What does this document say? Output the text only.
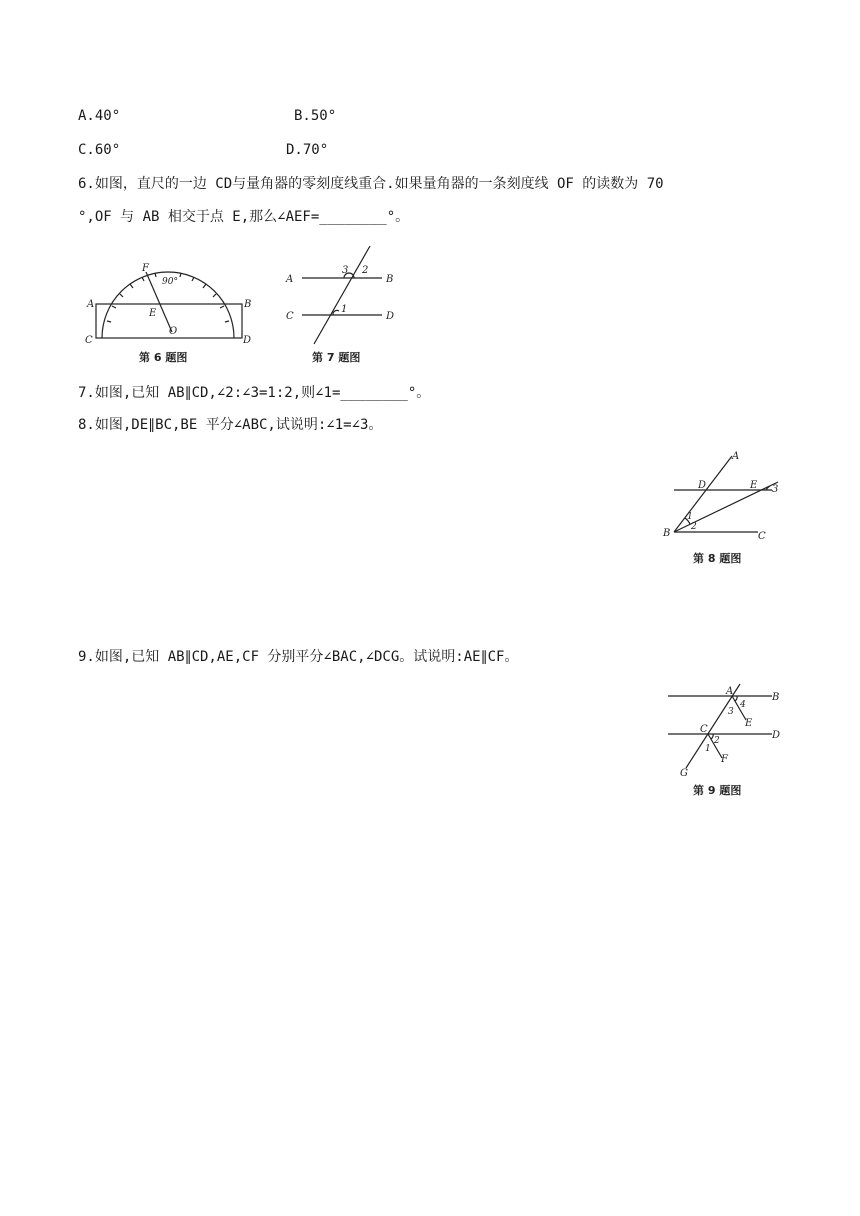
A.40°	B.50°
C.60°	D.70°
6.如图，直尺的一边 CD与量角器的零刻度线重合.如果量角器的一条刻度线 OF 的读数为 70
°,OF 与 AB 相交于点 E,那么∠AEF=________°。
F
90°
A	B
E
O
C	D
第 6 题图
A	B
C	D
3 2
1
第 7 题图
7.如图,已知 AB∥CD,∠2:∠3=1:2,则∠1=________°。
8.如图,DE∥BC,BE 平分∠ABC,试说明:∠1=∠3。
A
D	E 3
1
2
B	C
第 8 题图
9.如图,已知 AB∥CD,AE,CF 分别平分∠BAC,∠DCG。试说明:AE∥CF。
A
B
4
3
E
C
D
2
1
F
G
第 9 题图
